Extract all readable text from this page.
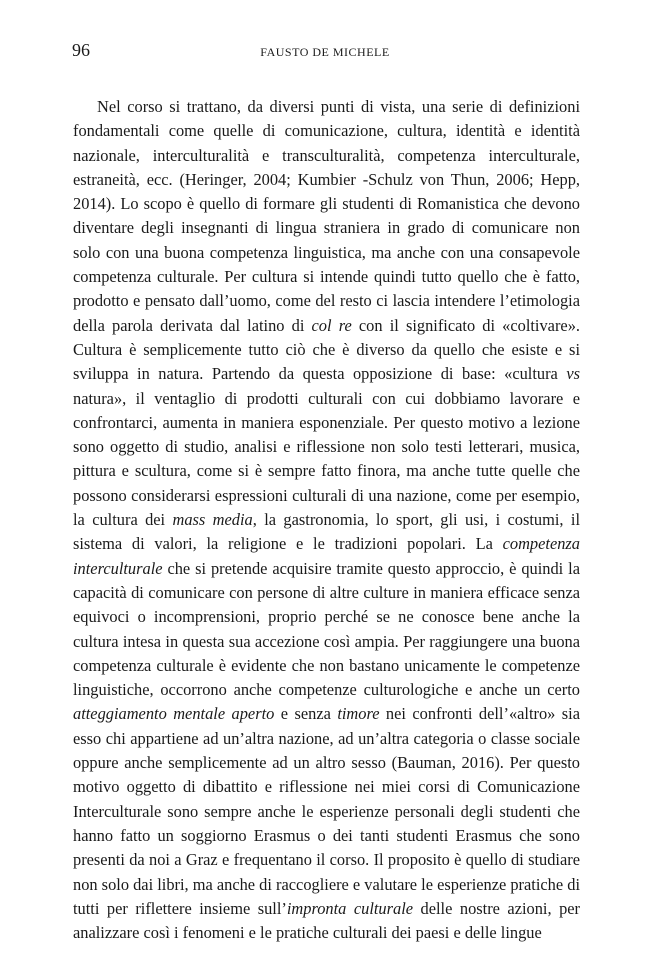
96	FAUSTO DE MICHELE

Nel corso si trattano, da diversi punti di vista, una serie di definizioni fondamentali come quelle di comunicazione, cultura, identità e identità nazionale, interculturalità e transculturalità, competenza interculturale, estraneità, ecc. (Heringer, 2004; Kumbier -Schulz von Thun, 2006; Hepp, 2014). Lo scopo è quello di formare gli studenti di Romanistica che devono diventare degli insegnanti di lingua straniera in grado di comunicare non solo con una buona competenza linguistica, ma anche con una consapevole competenza culturale. Per cultura si intende quindi tutto quello che è fatto, prodotto e pensato dall’uomo, come del resto ci lascia intendere l’etimologia della parola derivata dal latino di col re con il significato di «coltivare». Cultura è semplicemente tutto ciò che è diverso da quello che esiste e si sviluppa in natura. Partendo da questa opposizione di base: «cultura vs natura», il ventaglio di prodotti culturali con cui dobbiamo lavorare e confrontarci, aumenta in maniera esponenziale. Per questo motivo a lezione sono oggetto di studio, analisi e riflessione non solo testi letterari, musica, pittura e scultura, come si è sempre fatto finora, ma anche tutte quelle che possono considerarsi espressioni culturali di una nazione, come per esempio, la cultura dei mass media, la gastronomia, lo sport, gli usi, i costumi, il sistema di valori, la religione e le tradizioni popolari. La competenza interculturale che si pretende acquisire tramite questo approccio, è quindi la capacità di comunicare con persone di altre culture in maniera efficace senza equivoci o incomprensioni, proprio perché se ne conosce bene anche la cultura intesa in questa sua accezione così ampia. Per raggiungere una buona competenza culturale è evidente che non bastano unicamente le competenze linguistiche, occorrono anche competenze culturologiche e anche un certo atteggiamento mentale aperto e senza timore nei confronti dell’«altro» sia esso chi appartiene ad un’altra nazione, ad un’altra categoria o classe sociale oppure anche semplicemente ad un altro sesso (Bauman, 2016). Per questo motivo oggetto di dibattito e riflessione nei miei corsi di Comunicazione Interculturale sono sempre anche le esperienze personali degli studenti che hanno fatto un soggiorno Erasmus o dei tanti studenti Erasmus che sono presenti da noi a Graz e frequentano il corso. Il proposito è quello di studiare non solo dai libri, ma anche di raccogliere e valutare le esperienze pratiche di tutti per riflettere insieme sull’impronta culturale delle nostre azioni, per analizzare così i fenomeni e le pratiche culturali dei paesi e delle lingue
